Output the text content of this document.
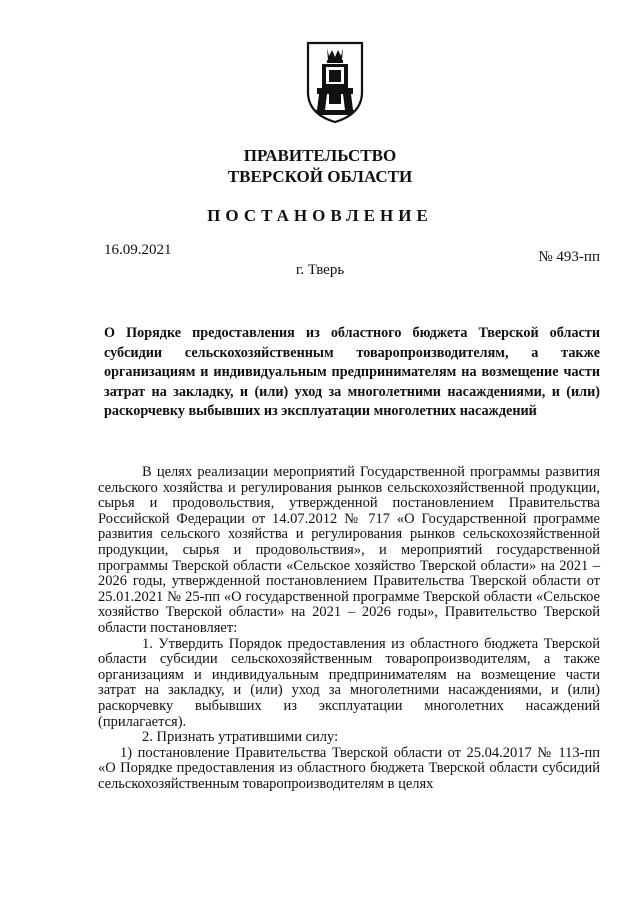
ПРАВИТЕЛЬСТВО
ТВЕРСКОЙ ОБЛАСТИ
ПОСТАНОВЛЕНИЕ
16.09.2021	№ 493-пп
г. Тверь
О Порядке предоставления из областного бюджета Тверской области субсидии сельскохозяйственным товаропроизводителям, а также организациям и индивидуальным предпринимателям на возмещение части затрат на закладку, и (или) уход за многолетними насаждениями, и (или) раскорчевку выбывших из эксплуатации многолетних насаждений

В целях реализации мероприятий Государственной программы развития сельского хозяйства и регулирования рынков сельскохозяйственной продукции, сырья и продовольствия, утвержденной постановлением Правительства Российской Федерации от 14.07.2012 № 717 «О Государственной программе развития сельского хозяйства и регулирования рынков сельскохозяйственной продукции, сырья и продовольствия», и мероприятий государственной программы Тверской области «Сельское хозяйство Тверской области» на 2021 – 2026 годы, утвержденной постановлением Правительства Тверской области от 25.01.2021 № 25-пп «О государственной программе Тверской области «Сельское хозяйство Тверской области» на 2021 – 2026 годы», Правительство Тверской области постановляет:

1. Утвердить Порядок предоставления из областного бюджета Тверской области субсидии сельскохозяйственным товаропроизводителям, а также организациям и индивидуальным предпринимателям на возмещение части затрат на закладку, и (или) уход за многолетними насаждениями, и (или) раскорчевку выбывших из эксплуатации многолетних насаждений (прилагается).

2. Признать утратившими силу:

1) постановление Правительства Тверской области от 25.04.2017 № 113-пп «О Порядке предоставления из областного бюджета Тверской области субсидий сельскохозяйственным товаропроизводителям в целях
